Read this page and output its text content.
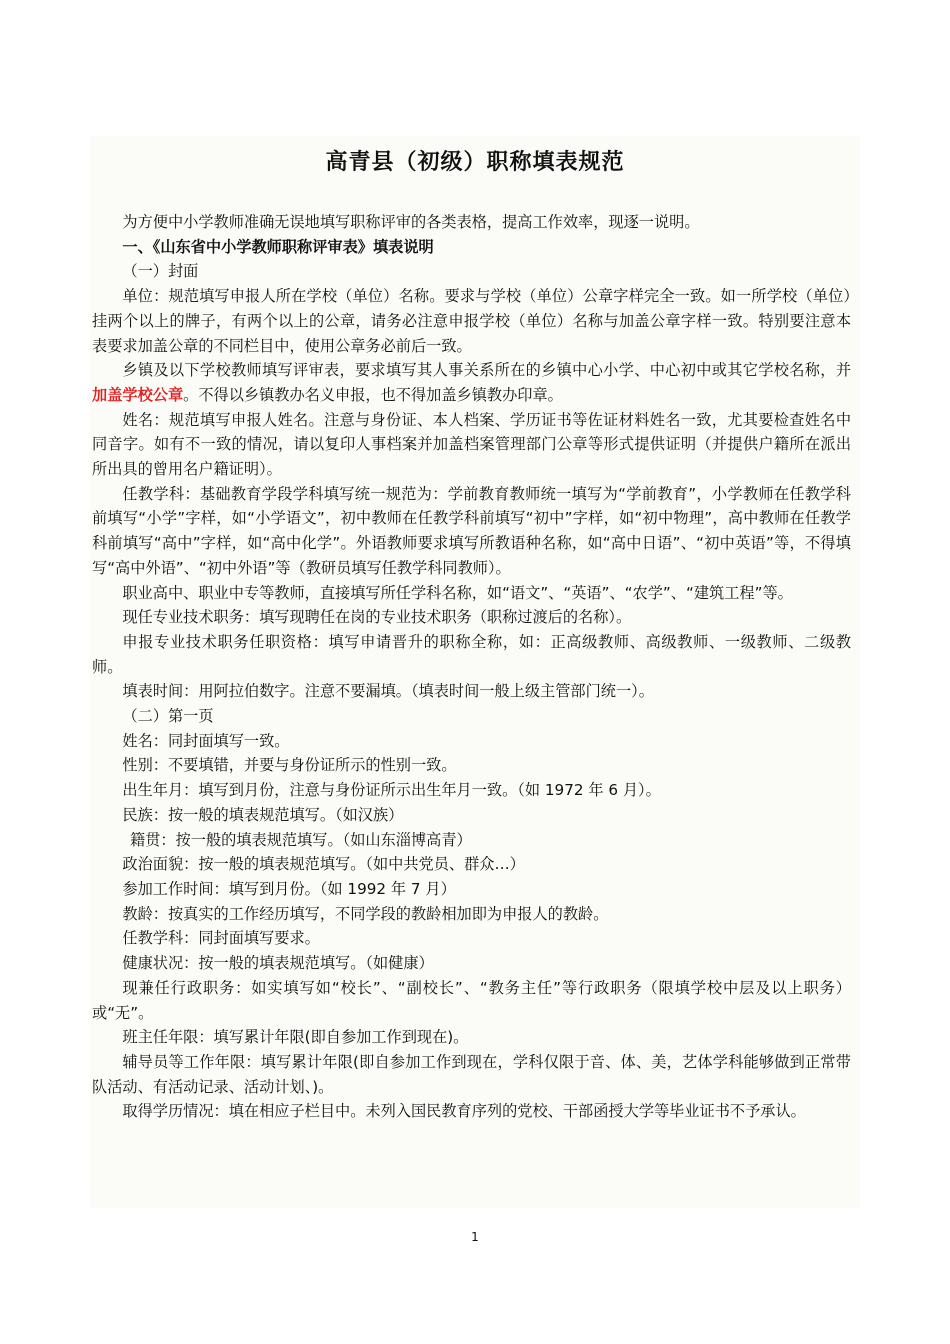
高青县（初级）职称填表规范

为方便中小学教师准确无误地填写职称评审的各类表格，提高工作效率，现逐一说明。

一、《山东省中小学教师职称评审表》填表说明

（一）封面

单位：规范填写申报人所在学校（单位）名称。要求与学校（单位）公章字样完全一致。如一所学校（单位）挂两个以上的牌子，有两个以上的公章，请务必注意申报学校（单位）名称与加盖公章字样一致。特别要注意本表要求加盖公章的不同栏目中，使用公章务必前后一致。

乡镇及以下学校教师填写评审表，要求填写其人事关系所在的乡镇中心小学、中心初中或其它学校名称，并加盖学校公章。不得以乡镇教办名义申报，也不得加盖乡镇教办印章。

姓名：规范填写申报人姓名。注意与身份证、本人档案、学历证书等佐证材料姓名一致，尤其要检查姓名中同音字。如有不一致的情况，请以复印人事档案并加盖档案管理部门公章等形式提供证明（并提供户籍所在派出所出具的曾用名户籍证明）。

任教学科：基础教育学段学科填写统一规范为：学前教育教师统一填写为“学前教育”，小学教师在任教学科前填写“小学”字样，如“小学语文”，初中教师在任教学科前填写“初中”字样，如“初中物理”，高中教师在任教学科前填写“高中”字样，如“高中化学”。外语教师要求填写所教语种名称，如“高中日语”、“初中英语”等，不得填写“高中外语”、“初中外语”等（教研员填写任教学科同教师）。

职业高中、职业中专等教师，直接填写所任学科名称，如“语文”、“英语”、“农学”、“建筑工程”等。

现任专业技术职务：填写现聘任在岗的专业技术职务（职称过渡后的名称）。

申报专业技术职务任职资格：填写申请晋升的职称全称，如：正高级教师、高级教师、一级教师、二级教师。

填表时间：用阿拉伯数字。注意不要漏填。（填表时间一般上级主管部门统一）。

（二）第一页

姓名：同封面填写一致。

性别：不要填错，并要与身份证所示的性别一致。

出生年月：填写到月份，注意与身份证所示出生年月一致。（如 1972 年 6 月）。

民族：按一般的填表规范填写。（如汉族）

籍贯：按一般的填表规范填写。（如山东淄博高青）

政治面貌：按一般的填表规范填写。（如中共党员、群众…）

参加工作时间：填写到月份。（如 1992 年 7 月）

教龄：按真实的工作经历填写，不同学段的教龄相加即为申报人的教龄。

任教学科：同封面填写要求。

健康状况：按一般的填表规范填写。（如健康）

现兼任行政职务：如实填写如“校长”、“副校长”、“教务主任”等行政职务（限填学校中层及以上职务）或“无”。

班主任年限：填写累计年限(即自参加工作到现在)。

辅导员等工作年限：填写累计年限(即自参加工作到现在，学科仅限于音、体、美，艺体学科能够做到正常带队活动、有活动记录、活动计划、)。

取得学历情况：填在相应子栏目中。未列入国民教育序列的党校、干部函授大学等毕业证书不予承认。

1
